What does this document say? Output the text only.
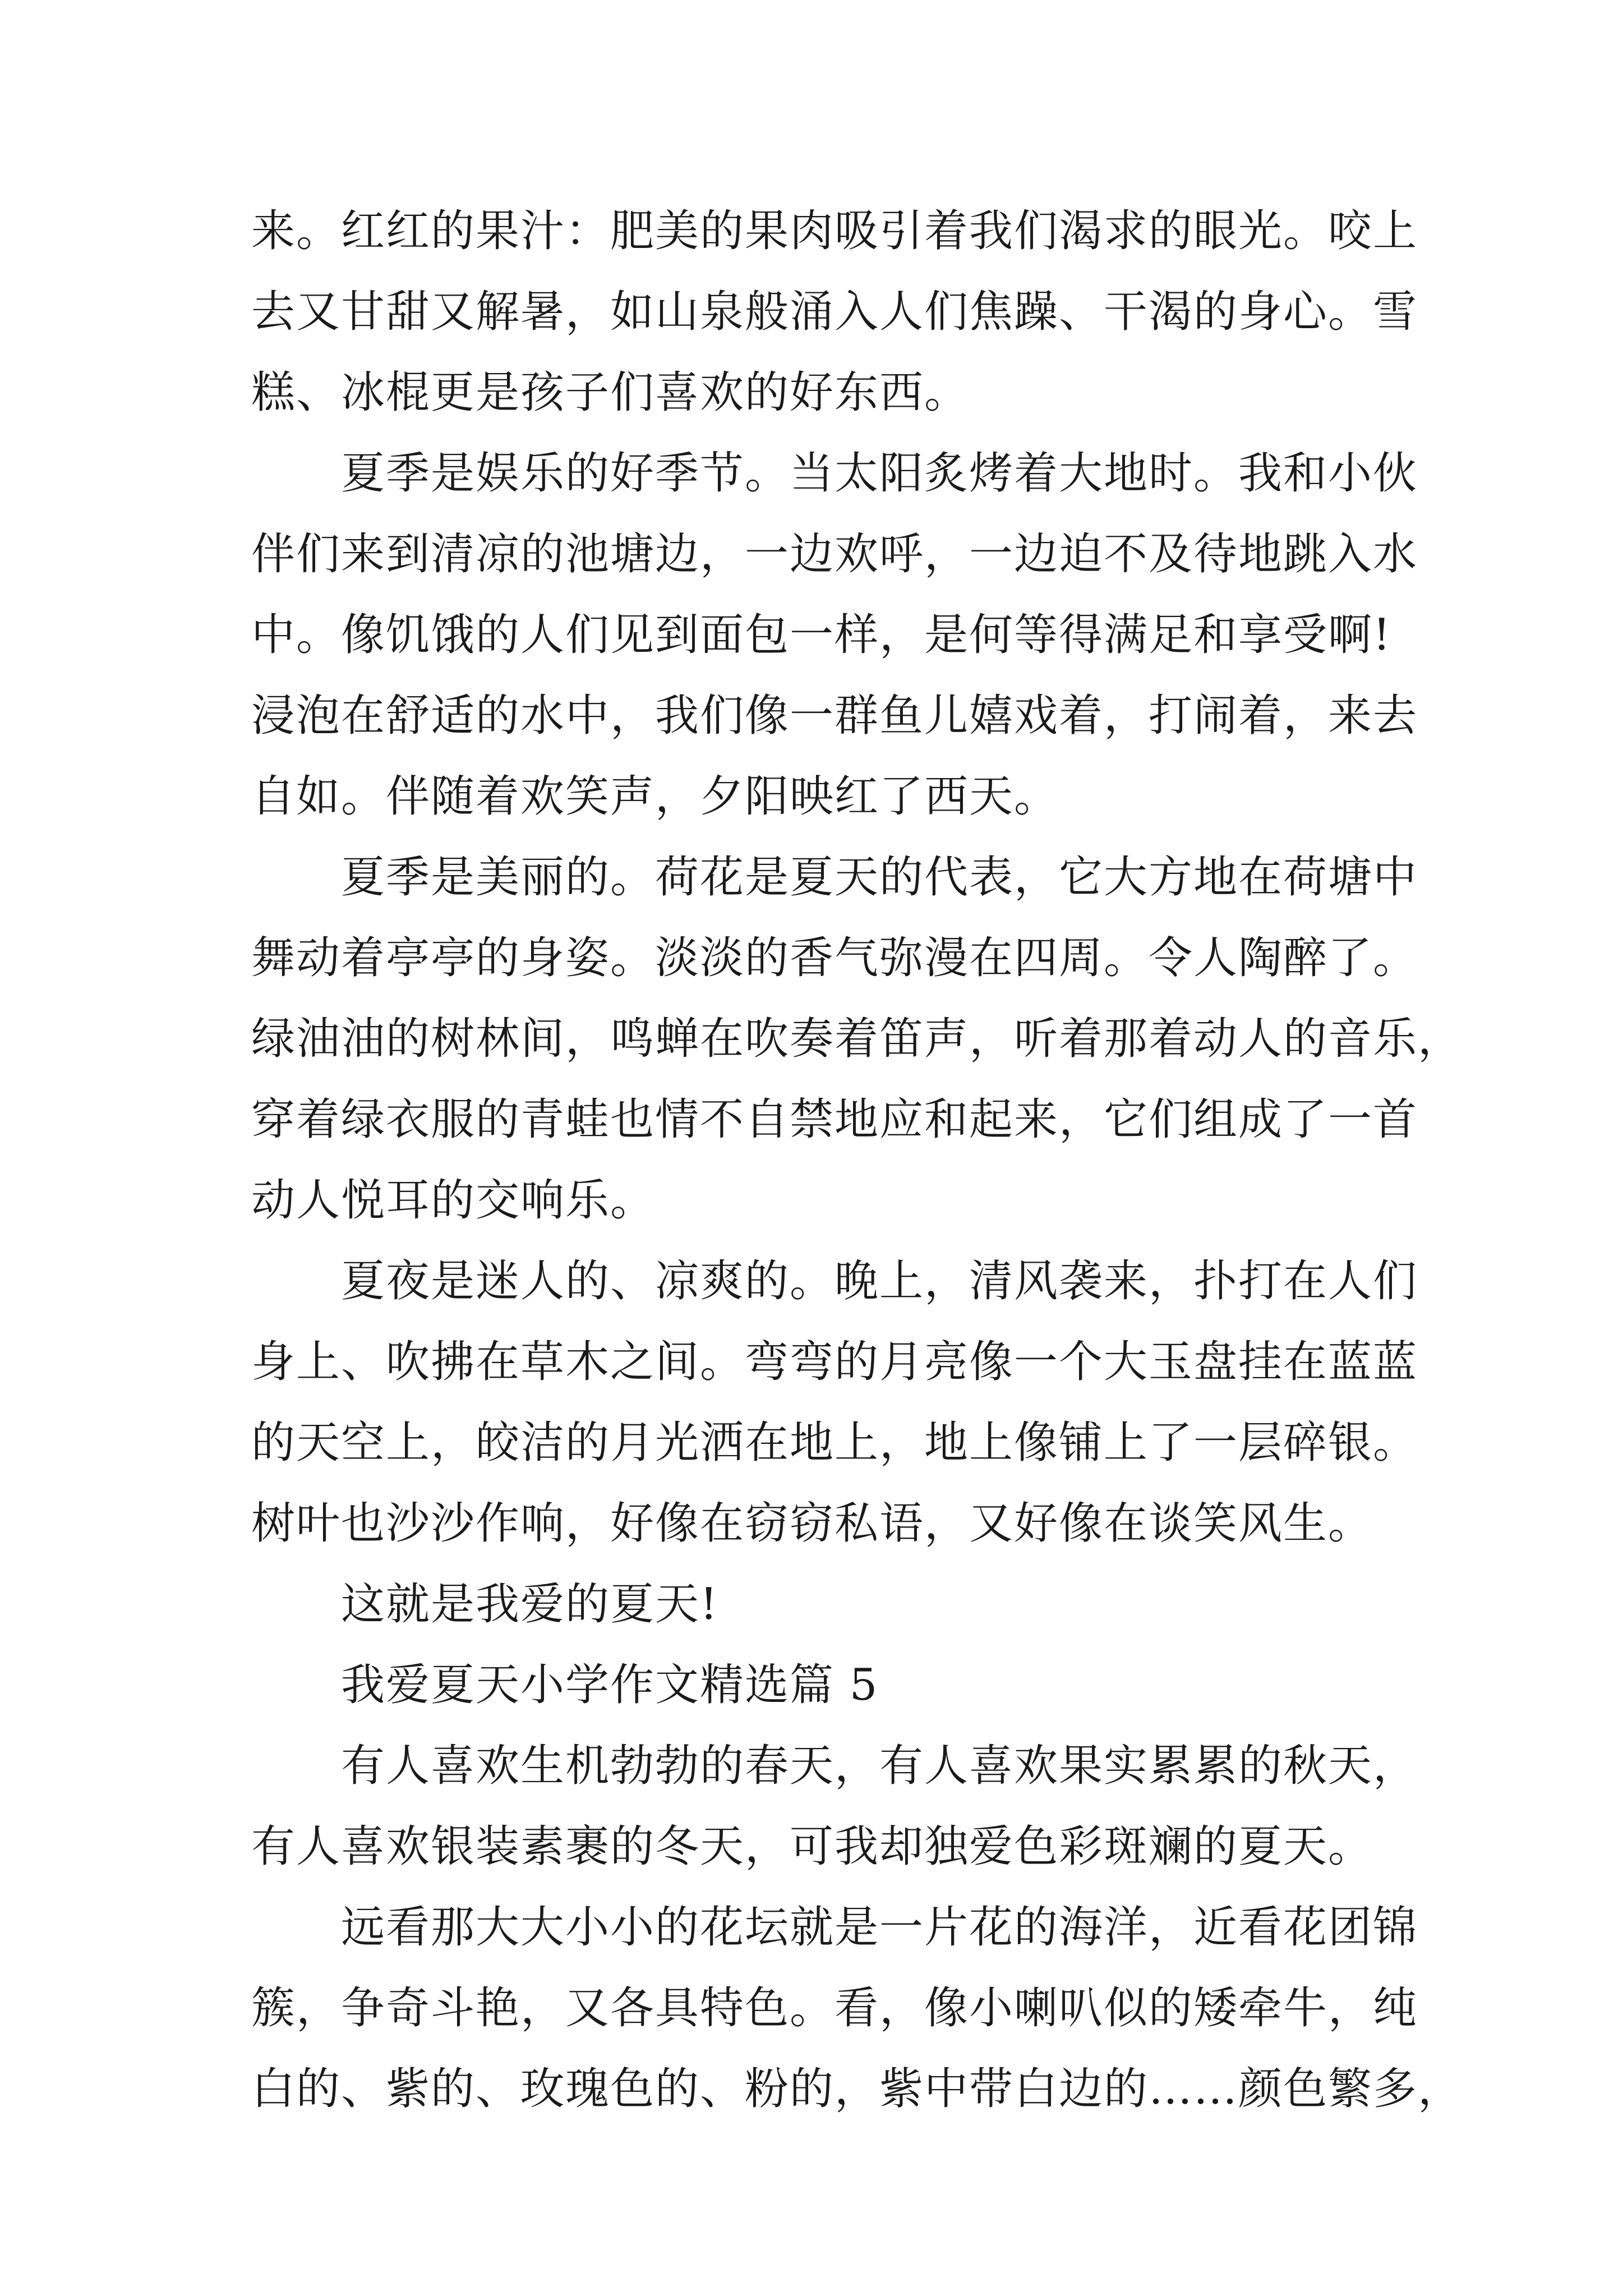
来。红红的果汁：肥美的果肉吸引着我们渴求的眼光。咬上
去又甘甜又解暑，如山泉般涌入人们焦躁、干渴的身心。雪
糕、冰棍更是孩子们喜欢的好东西。
夏季是娱乐的好季节。当太阳炙烤着大地时。我和小伙
伴们来到清凉的池塘边，一边欢呼，一边迫不及待地跳入水
中。像饥饿的人们见到面包一样，是何等得满足和享受啊!
浸泡在舒适的水中，我们像一群鱼儿嬉戏着，打闹着，来去
自如。伴随着欢笑声，夕阳映红了西天。
夏季是美丽的。荷花是夏天的代表，它大方地在荷塘中
舞动着亭亭的身姿。淡淡的香气弥漫在四周。令人陶醉了。
绿油油的树林间，鸣蝉在吹奏着笛声，听着那着动人的音乐，
穿着绿衣服的青蛙也情不自禁地应和起来，它们组成了一首
动人悦耳的交响乐。
夏夜是迷人的、凉爽的。晚上，清风袭来，扑打在人们
身上、吹拂在草木之间。弯弯的月亮像一个大玉盘挂在蓝蓝
的天空上，皎洁的月光洒在地上，地上像铺上了一层碎银。
树叶也沙沙作响，好像在窃窃私语，又好像在谈笑风生。
这就是我爱的夏天!
我爱夏天小学作文精选篇 5
有人喜欢生机勃勃的春天，有人喜欢果实累累的秋天，
有人喜欢银装素裹的冬天，可我却独爱色彩斑斓的夏天。
远看那大大小小的花坛就是一片花的海洋，近看花团锦
簇，争奇斗艳，又各具特色。看，像小喇叭似的矮牵牛，纯
白的、紫的、玫瑰色的、粉的，紫中带白边的……颜色繁多，
